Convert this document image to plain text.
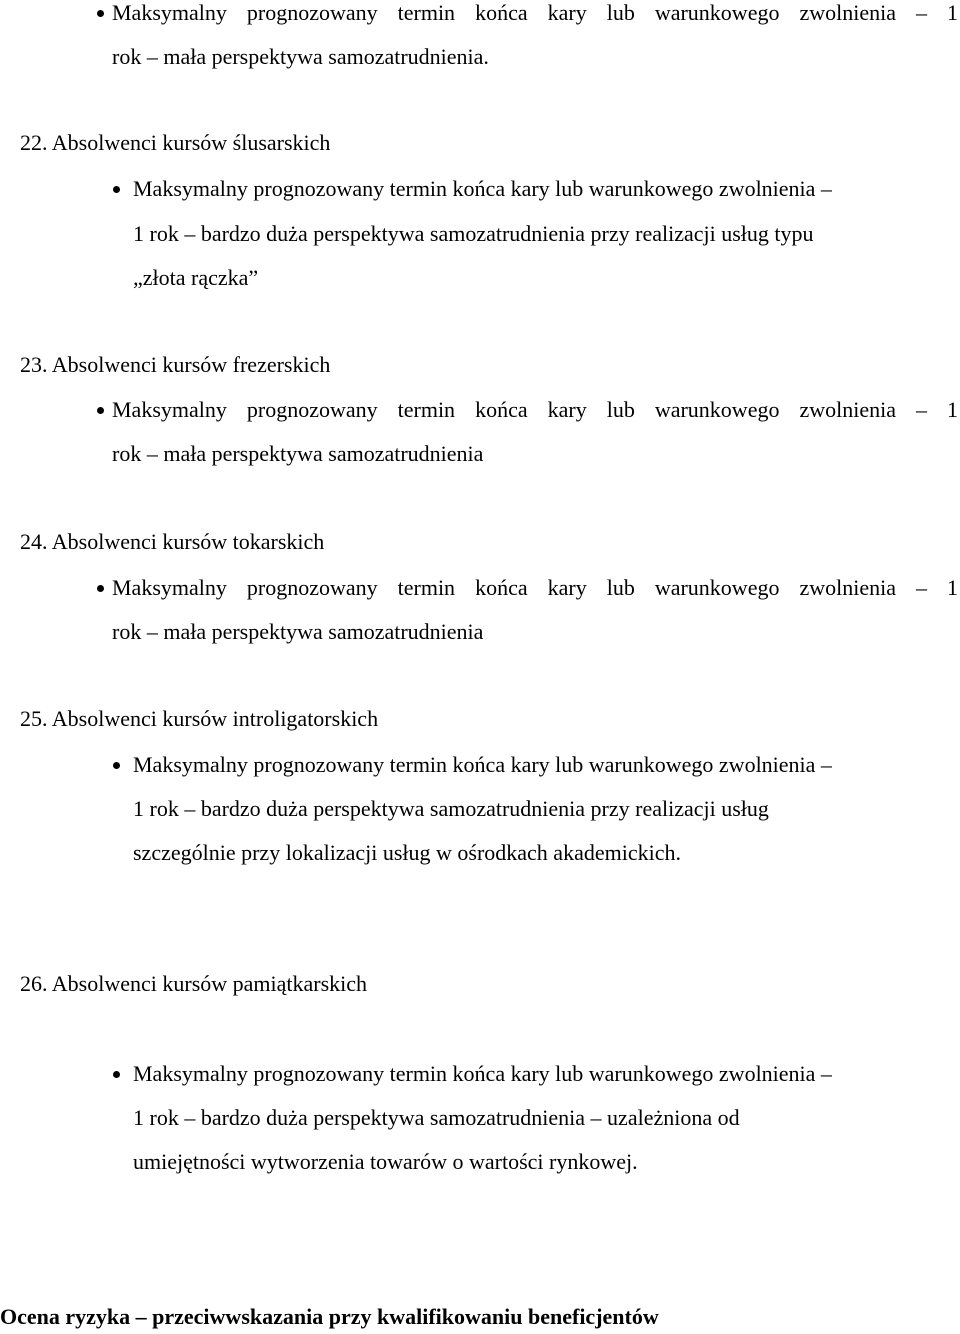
Maksymalny prognozowany termin końca kary lub warunkowego zwolnienia – 1
rok – mała perspektywa samozatrudnienia.
22. Absolwenci kursów ślusarskich
Maksymalny prognozowany termin końca kary lub warunkowego zwolnienia –
1 rok – bardzo duża perspektywa samozatrudnienia przy realizacji usług typu
„złota rączka”
23. Absolwenci kursów frezerskich
Maksymalny prognozowany termin końca kary lub warunkowego zwolnienia – 1
rok – mała perspektywa samozatrudnienia
24. Absolwenci kursów tokarskich
Maksymalny prognozowany termin końca kary lub warunkowego zwolnienia – 1
rok – mała perspektywa samozatrudnienia
25. Absolwenci kursów introligatorskich
Maksymalny prognozowany termin końca kary lub warunkowego zwolnienia –
1 rok – bardzo duża perspektywa samozatrudnienia przy realizacji usług
szczególnie przy lokalizacji usług w ośrodkach akademickich.
26. Absolwenci kursów pamiątkarskich
Maksymalny prognozowany termin końca kary lub warunkowego zwolnienia –
1 rok – bardzo duża perspektywa samozatrudnienia – uzależniona od
umiejętności wytworzenia towarów o wartości rynkowej.
Ocena ryzyka – przeciwwskazania przy kwalifikowaniu beneficjentów
